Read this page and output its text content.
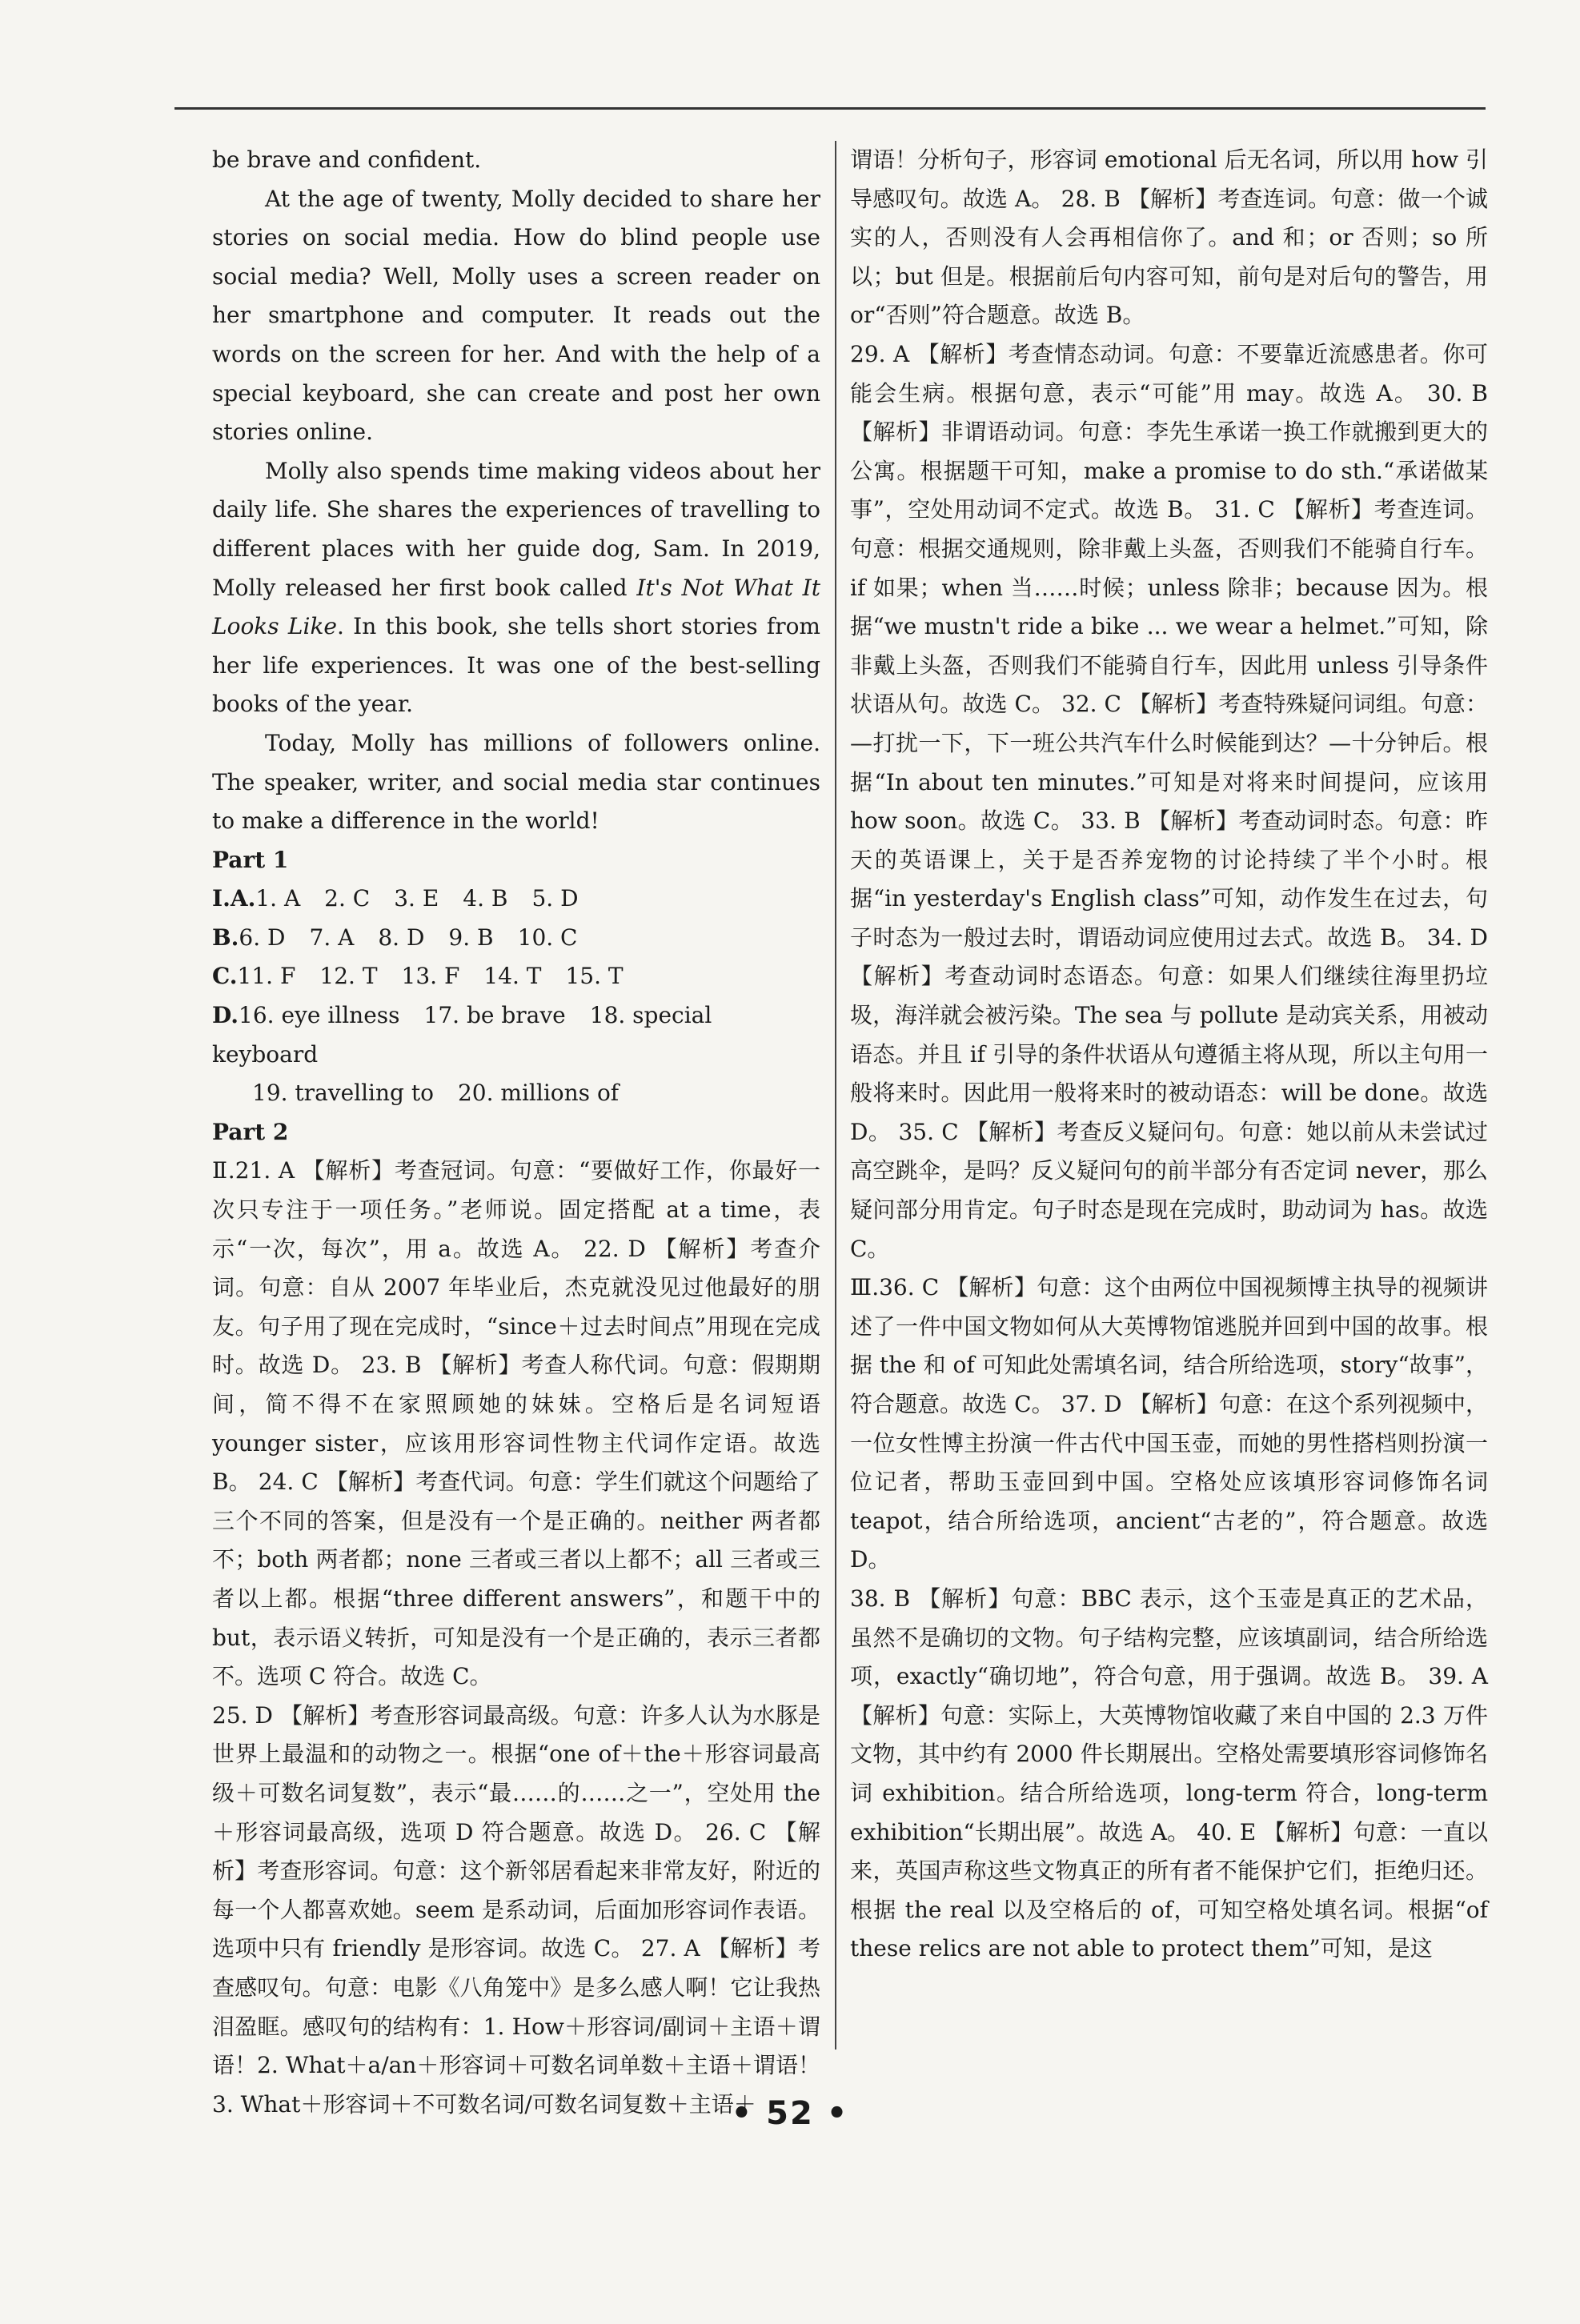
be brave and confident.

At the age of twenty, Molly decided to share her stories on social media. How do blind people use social media? Well, Molly uses a screen reader on her smartphone and computer. It reads out the words on the screen for her. And with the help of a special keyboard, she can create and post her own stories online.

Molly also spends time making videos about her daily life. She shares the experiences of travelling to different places with her guide dog, Sam. In 2019, Molly released her first book called It's Not What It Looks Like. In this book, she tells short stories from her life experiences. It was one of the best-selling books of the year.

Today, Molly has millions of followers online. The speaker, writer, and social media star continues to make a difference in the world!

Part 1

Ⅰ.A.1. A 2. C 3. E 4. B 5. D

B.6. D 7. A 8. D 9. B 10. C

C.11. F 12. T 13. F 14. T 15. T

D.16. eye illness 17. be brave 18. special keyboard

19. travelling to 20. millions of

Part 2

Ⅱ.21. A 【解析】考查冠词。句意：“要做好工作，你最好一次只专注于一项任务。”老师说。固定搭配 at a time，表示“一次，每次”，用 a。故选 A。 22. D 【解析】考查介词。句意：自从 2007 年毕业后，杰克就没见过他最好的朋友。句子用了现在完成时，“since＋过去时间点”用现在完成时。故选 D。 23. B 【解析】考查人称代词。句意：假期期间，简不得不在家照顾她的妹妹。空格后是名词短语 younger sister，应该用形容词性物主代词作定语。故选 B。 24. C 【解析】考查代词。句意：学生们就这个问题给了三个不同的答案，但是没有一个是正确的。neither 两者都不；both 两者都；none 三者或三者以上都不；all 三者或三者以上都。根据“three different answers”，和题干中的 but，表示语义转折，可知是没有一个是正确的，表示三者都不。选项 C 符合。故选 C。

25. D 【解析】考查形容词最高级。句意：许多人认为水豚是世界上最温和的动物之一。根据“one of＋the＋形容词最高级＋可数名词复数”，表示“最……的……之一”，空处用 the＋形容词最高级，选项 D 符合题意。故选 D。 26. C 【解析】考查形容词。句意：这个新邻居看起来非常友好，附近的每一个人都喜欢她。seem 是系动词，后面加形容词作表语。选项中只有 friendly 是形容词。故选 C。 27. A 【解析】考查感叹句。句意：电影《八角笼中》是多么感人啊！它让我热泪盈眶。感叹句的结构有：1. How＋形容词/副词＋主语＋谓语！2. What＋a/an＋形容词＋可数名词单数＋主语＋谓语！3. What＋形容词＋不可数名词/可数名词复数＋主语＋

谓语！分析句子，形容词 emotional 后无名词，所以用 how 引导感叹句。故选 A。 28. B 【解析】考查连词。句意：做一个诚实的人，否则没有人会再相信你了。and 和；or 否则；so 所以；but 但是。根据前后句内容可知，前句是对后句的警告，用 or“否则”符合题意。故选 B。

29. A 【解析】考查情态动词。句意：不要靠近流感患者。你可能会生病。根据句意，表示“可能”用 may。故选 A。 30. B 【解析】非谓语动词。句意：李先生承诺一换工作就搬到更大的公寓。根据题干可知，make a promise to do sth.“承诺做某事”，空处用动词不定式。故选 B。 31. C 【解析】考查连词。句意：根据交通规则，除非戴上头盔，否则我们不能骑自行车。if 如果；when 当……时候；unless 除非；because 因为。根据“we mustn't ride a bike ... we wear a helmet.”可知，除非戴上头盔，否则我们不能骑自行车，因此用 unless 引导条件状语从句。故选 C。 32. C 【解析】考查特殊疑问词组。句意：—打扰一下，下一班公共汽车什么时候能到达？—十分钟后。根据“In about ten minutes.”可知是对将来时间提问，应该用 how soon。故选 C。 33. B 【解析】考查动词时态。句意：昨天的英语课上，关于是否养宠物的讨论持续了半个小时。根据“in yesterday's English class”可知，动作发生在过去，句子时态为一般过去时，谓语动词应使用过去式。故选 B。 34. D 【解析】考查动词时态语态。句意：如果人们继续往海里扔垃圾，海洋就会被污染。The sea 与 pollute 是动宾关系，用被动语态。并且 if 引导的条件状语从句遵循主将从现，所以主句用一般将来时。因此用一般将来时的被动语态：will be done。故选 D。 35. C 【解析】考查反义疑问句。句意：她以前从未尝试过高空跳伞，是吗？反义疑问句的前半部分有否定词 never，那么疑问部分用肯定。句子时态是现在完成时，助动词为 has。故选 C。

Ⅲ.36. C 【解析】句意：这个由两位中国视频博主执导的视频讲述了一件中国文物如何从大英博物馆逃脱并回到中国的故事。根据 the 和 of 可知此处需填名词，结合所给选项，story“故事”，符合题意。故选 C。 37. D 【解析】句意：在这个系列视频中，一位女性博主扮演一件古代中国玉壶，而她的男性搭档则扮演一位记者，帮助玉壶回到中国。空格处应该填形容词修饰名词 teapot，结合所给选项，ancient“古老的”，符合题意。故选 D。

38. B 【解析】句意：BBC 表示，这个玉壶是真正的艺术品，虽然不是确切的文物。句子结构完整，应该填副词，结合所给选项，exactly“确切地”，符合句意，用于强调。故选 B。 39. A 【解析】句意：实际上，大英博物馆收藏了来自中国的 2.3 万件文物，其中约有 2000 件长期展出。空格处需要填形容词修饰名词 exhibition。结合所给选项，long-term 符合，long-term exhibition“长期出展”。故选 A。 40. E 【解析】句意：一直以来，英国声称这些文物真正的所有者不能保护它们，拒绝归还。根据 the real 以及空格后的 of，可知空格处填名词。根据“of these relics are not able to protect them”可知，是这

• 52 •
